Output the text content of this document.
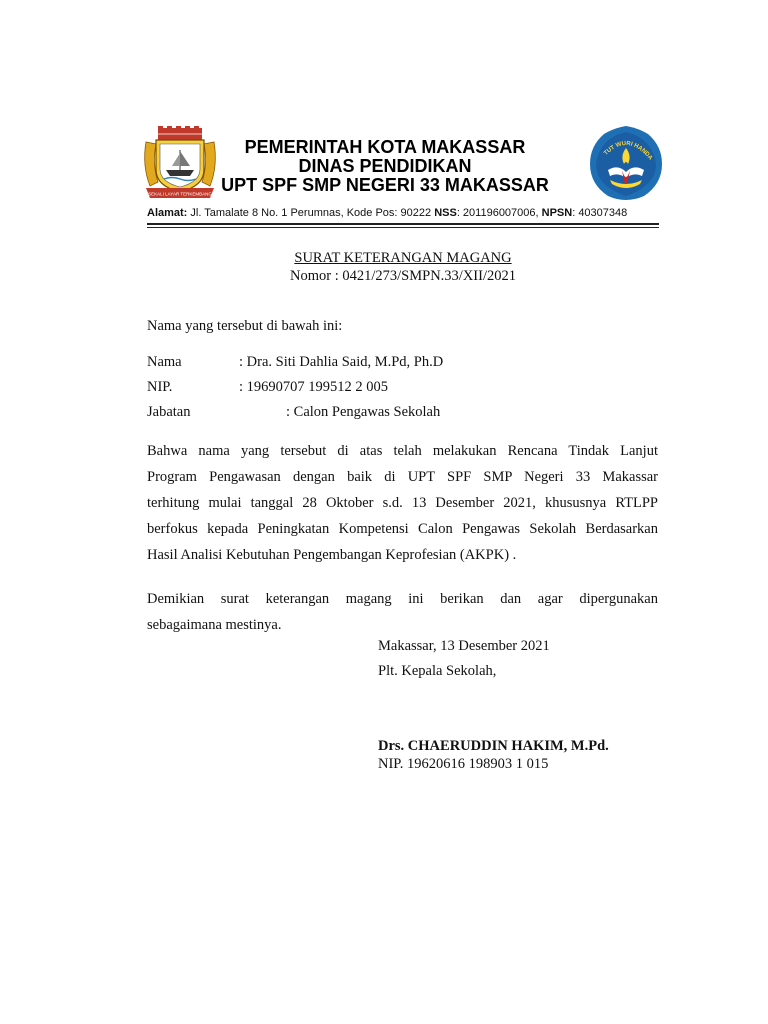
SEKALI LAYAR TERKEMBANG
TUT WURI HANDA
PEMERINTAH KOTA MAKASSAR
DINAS PENDIDIKAN
UPT SPF SMP NEGERI 33 MAKASSAR
Alamat: Jl. Tamalate 8 No. 1 Perumnas, Kode Pos: 90222 NSS: 201196007006, NPSN: 40307348
SURAT KETERANGAN MAGANG
Nomor : 0421/273/SMPN.33/XII/2021
Nama yang tersebut di bawah ini:
Nama	: Dra. Siti Dahlia Said, M.Pd, Ph.D
NIP.	: 19690707 199512 2 005
Jabatan	: Calon Pengawas Sekolah
Bahwa nama yang tersebut di atas telah melakukan Rencana Tindak Lanjut
Program Pengawasan dengan baik di UPT SPF SMP Negeri 33 Makassar
terhitung mulai tanggal 28 Oktober s.d. 13 Desember 2021, khususnya RTLPP
berfokus kepada Peningkatan Kompetensi Calon Pengawas Sekolah Berdasarkan
Hasil Analisi Kebutuhan Pengembangan Keprofesian (AKPK) .
Demikian surat keterangan magang ini berikan dan agar dipergunakan
sebagaimana mestinya.
Makassar, 13 Desember 2021
Plt. Kepala Sekolah,
Drs. CHAERUDDIN HAKIM, M.Pd.
NIP. 19620616 198903 1 015
